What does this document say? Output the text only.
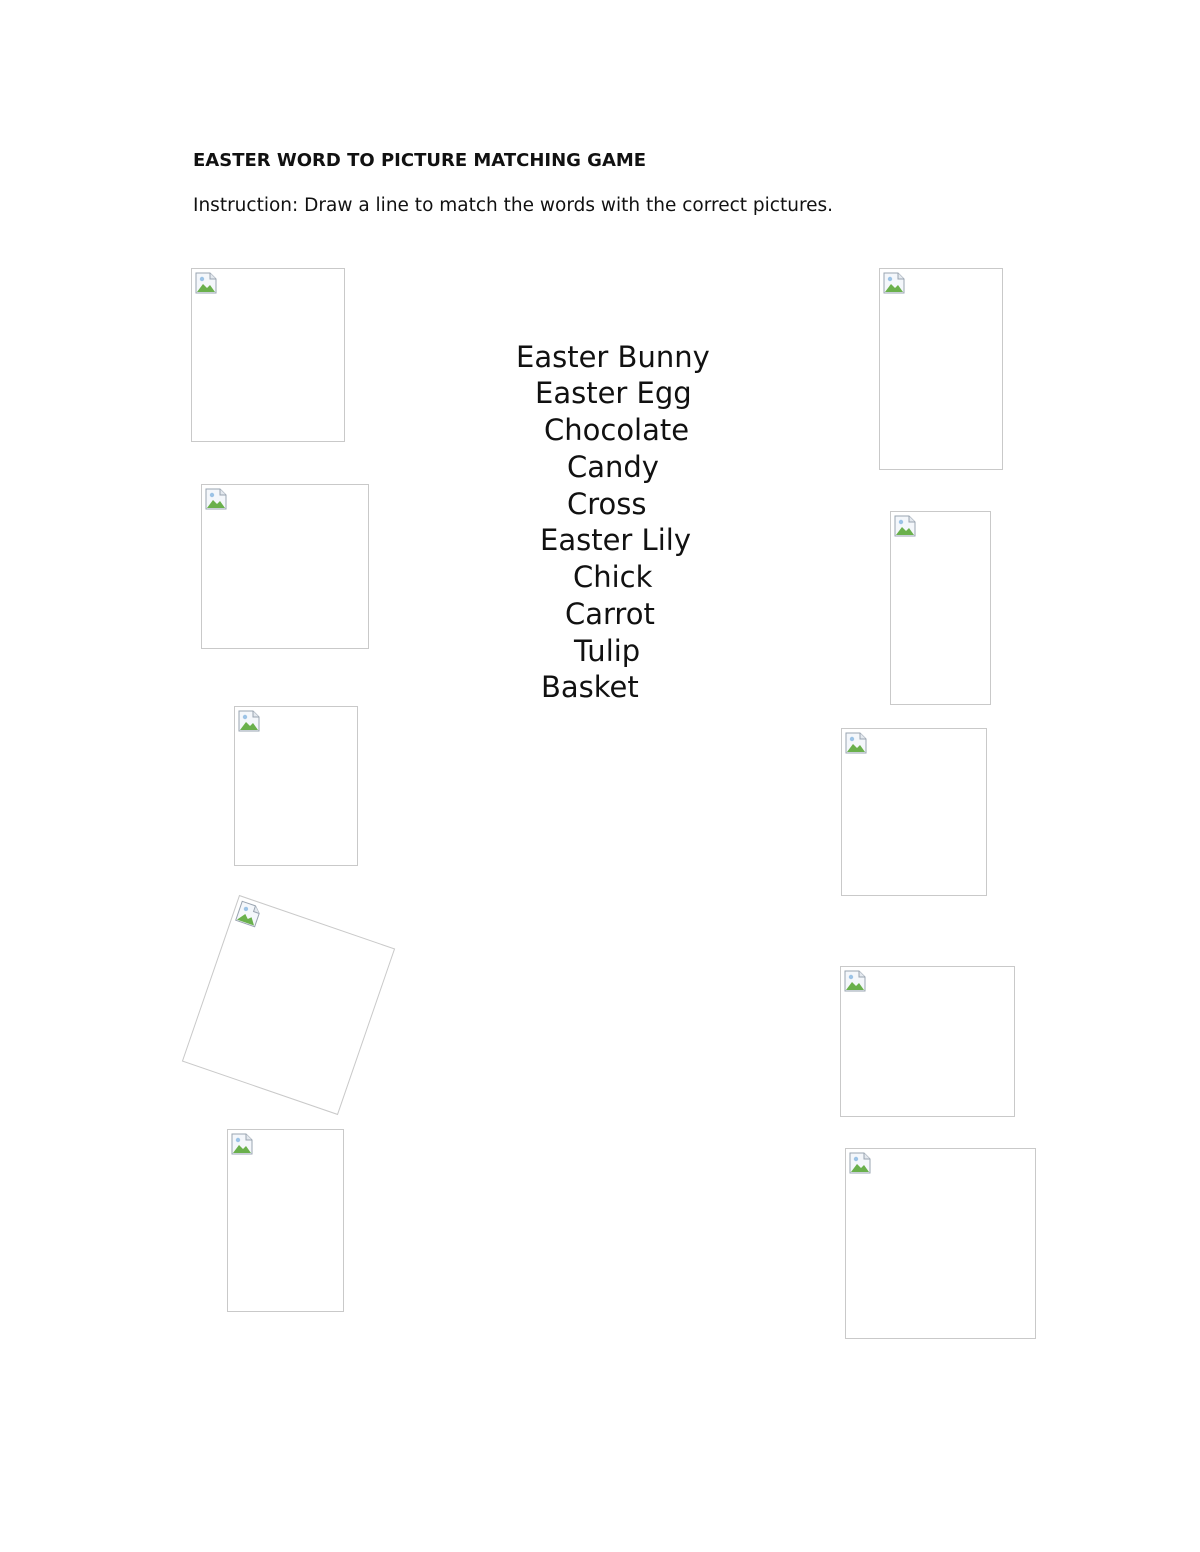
EASTER WORD TO PICTURE MATCHING GAME

Instruction: Draw a line to match the words with the correct pictures.

Easter Bunny
Easter Egg
Chocolate
Candy
Cross
Easter Lily
Chick
Carrot
Tulip
Basket
